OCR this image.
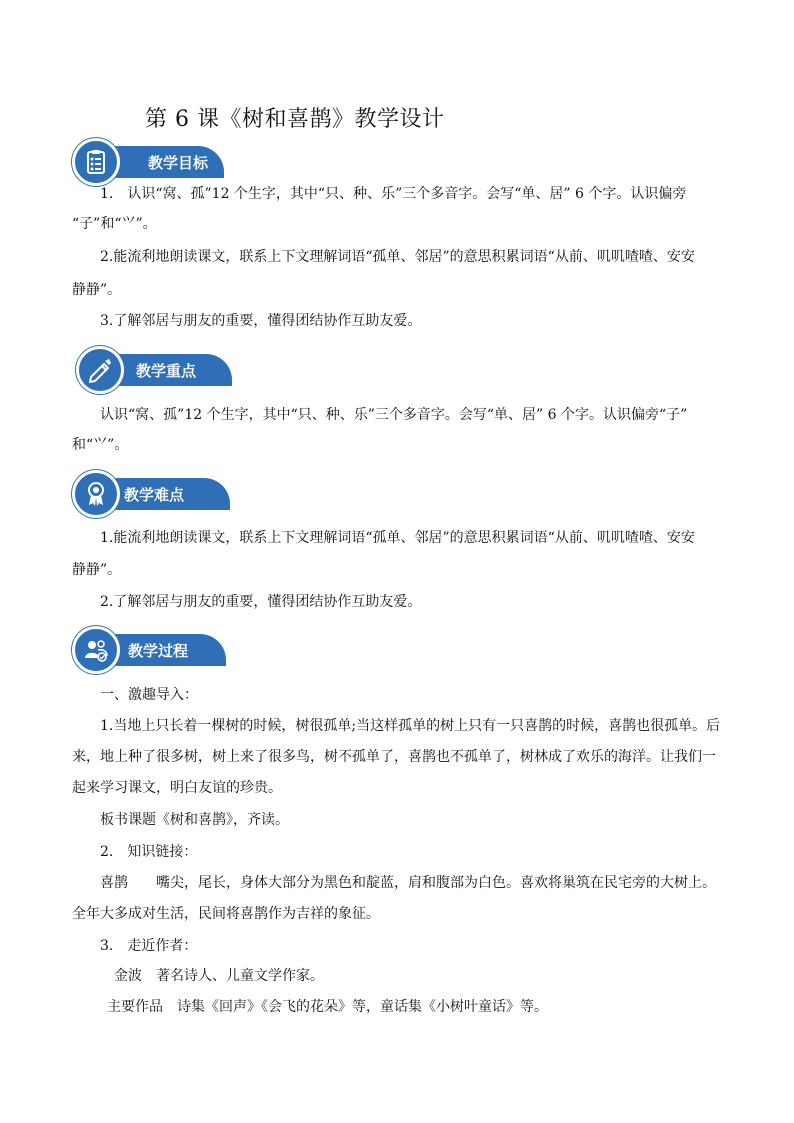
第 6 课《树和喜鹊》教学设计
教学目标
1.　认识“窝、孤”12 个生字，其中“只、种、乐”三个多音字。会写“单、居” 6 个字。认识偏旁
“子”和“⺍”。
2.能流利地朗读课文，联系上下文理解词语“孤单、邻居”的意思积累词语“从前、叽叽喳喳、安安
静静”。
3.了解邻居与朋友的重要，懂得团结协作互助友爱。
教学重点
认识“窝、孤”12 个生字，其中“只、种、乐”三个多音字。会写“单、居” 6 个字。认识偏旁“子”
和“⺍”。
教学难点
1.能流利地朗读课文，联系上下文理解词语“孤单、邻居”的意思积累词语“从前、叽叽喳喳、安安
静静”。
2.了解邻居与朋友的重要，懂得团结协作互助友爱。
教学过程
一、激趣导入：
1.当地上只长着一棵树的时候，树很孤单;当这样孤单的树上只有一只喜鹊的时候，喜鹊也很孤单。后
来，地上种了很多树，树上来了很多鸟，树不孤单了，喜鹊也不孤单了，树林成了欢乐的海洋。让我们一
起来学习课文，明白友谊的珍贵。
板书课题《树和喜鹊》，齐读。
2.　知识链接：
喜鹊　　嘴尖，尾长，身体大部分为黑色和靛蓝，肩和腹部为白色。喜欢将巢筑在民宅旁的大树上。
全年大多成对生活，民间将喜鹊作为吉祥的象征。
3.　走近作者：
金波　著名诗人、儿童文学作家。
主要作品　诗集《回声》《会飞的花朵》等，童话集《小树叶童话》等。
